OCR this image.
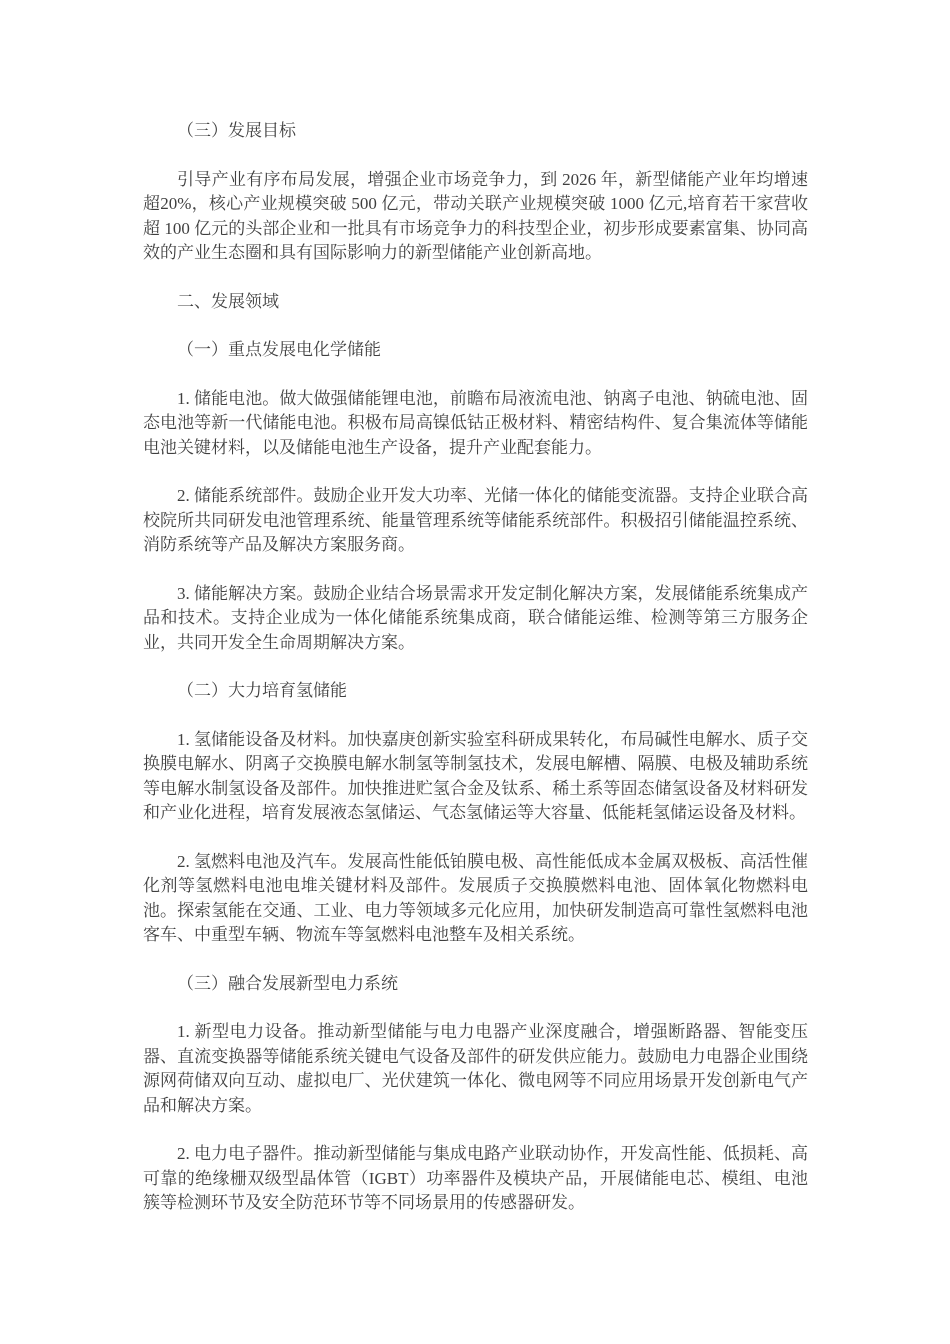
（三）发展目标

引导产业有序布局发展，增强企业市场竞争力，到 2026 年，新型储能产业年均增速超20%，核心产业规模突破 500 亿元，带动关联产业规模突破 1000 亿元,培育若干家营收超 100 亿元的头部企业和一批具有市场竞争力的科技型企业，初步形成要素富集、协同高效的产业生态圈和具有国际影响力的新型储能产业创新高地。

二、发展领域

（一）重点发展电化学储能

1. 储能电池。做大做强储能锂电池，前瞻布局液流电池、钠离子电池、钠硫电池、固态电池等新一代储能电池。积极布局高镍低钴正极材料、精密结构件、复合集流体等储能电池关键材料，以及储能电池生产设备，提升产业配套能力。

2. 储能系统部件。鼓励企业开发大功率、光储一体化的储能变流器。支持企业联合高校院所共同研发电池管理系统、能量管理系统等储能系统部件。积极招引储能温控系统、消防系统等产品及解决方案服务商。

3. 储能解决方案。鼓励企业结合场景需求开发定制化解决方案，发展储能系统集成产品和技术。支持企业成为一体化储能系统集成商，联合储能运维、检测等第三方服务企业，共同开发全生命周期解决方案。

（二）大力培育氢储能

1. 氢储能设备及材料。加快嘉庚创新实验室科研成果转化，布局碱性电解水、质子交换膜电解水、阴离子交换膜电解水制氢等制氢技术，发展电解槽、隔膜、电极及辅助系统等电解水制氢设备及部件。加快推进贮氢合金及钛系、稀土系等固态储氢设备及材料研发和产业化进程，培育发展液态氢储运、气态氢储运等大容量、低能耗氢储运设备及材料。

2. 氢燃料电池及汽车。发展高性能低铂膜电极、高性能低成本金属双极板、高活性催化剂等氢燃料电池电堆关键材料及部件。发展质子交换膜燃料电池、固体氧化物燃料电池。探索氢能在交通、工业、电力等领域多元化应用，加快研发制造高可靠性氢燃料电池客车、中重型车辆、物流车等氢燃料电池整车及相关系统。

（三）融合发展新型电力系统

1. 新型电力设备。推动新型储能与电力电器产业深度融合，增强断路器、智能变压器、直流变换器等储能系统关键电气设备及部件的研发供应能力。鼓励电力电器企业围绕源网荷储双向互动、虚拟电厂、光伏建筑一体化、微电网等不同应用场景开发创新电气产品和解决方案。

2. 电力电子器件。推动新型储能与集成电路产业联动协作，开发高性能、低损耗、高可靠的绝缘栅双级型晶体管（IGBT）功率器件及模块产品，开展储能电芯、模组、电池簇等检测环节及安全防范环节等不同场景用的传感器研发。
